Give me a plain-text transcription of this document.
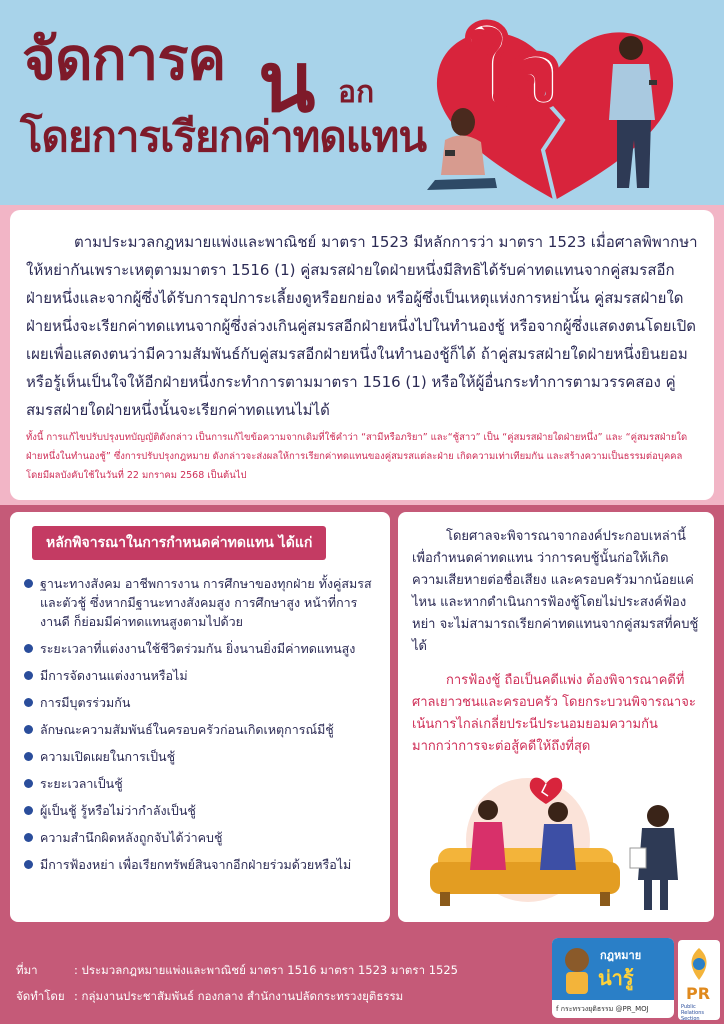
จัดการค น อก
โดยการเรียกค่าทดแทน
ใจ

ตามประมวลกฎหมายแพ่งและพาณิชย์ มาตรา 1523 มีหลักการว่า มาตรา 1523 เมื่อศาลพิพากษาให้หย่ากันเพราะเหตุตามมาตรา 1516 (1) คู่สมรสฝ่ายใดฝ่ายหนึ่งมีสิทธิได้รับค่าทดแทนจากคู่สมรสอีกฝ่ายหนึ่งและจากผู้ซึ่งได้รับการอุปการะเลี้ยงดูหรือยกย่อง หรือผู้ซึ่งเป็นเหตุแห่งการหย่านั้น คู่สมรสฝ่ายใดฝ่ายหนึ่งจะเรียกค่าทดแทนจากผู้ซึ่งล่วงเกินคู่สมรสอีกฝ่ายหนึ่งไปในทำนองชู้ หรือจากผู้ซึ่งแสดงตนโดยเปิดเผยเพื่อแสดงตนว่ามีความสัมพันธ์กับคู่สมรสอีกฝ่ายหนึ่งในทำนองชู้ก็ได้ ถ้าคู่สมรสฝ่ายใดฝ่ายหนึ่งยินยอมหรือรู้เห็นเป็นใจให้อีกฝ่ายหนึ่งกระทำการตามมาตรา 1516 (1) หรือให้ผู้อื่นกระทำการตามวรรคสอง คู่สมรสฝ่ายใดฝ่ายหนึ่งนั้นจะเรียกค่าทดแทนไม่ได้

ทั้งนี้ การแก้ไขปรับปรุงบทบัญญัติดังกล่าว เป็นการแก้ไขข้อความจากเดิมที่ใช้คำว่า “สามีหรือภริยา” และ“ชู้สาว” เป็น “คู่สมรสฝ่ายใดฝ่ายหนึ่ง” และ “คู่สมรสฝ่ายใด ฝ่ายหนึ่งในทำนองชู้” ซึ่งการปรับปรุงกฎหมาย ดังกล่าวจะส่งผลให้การเรียกค่าทดแทนของคู่สมรสแต่ละฝ่าย เกิดความเท่าเทียมกัน และสร้างความเป็นธรรมต่อบุคคล โดยมีผลบังคับใช้ในวันที่ 22 มกราคม 2568 เป็นต้นไป

หลักพิจารณาในการกำหนดค่าทดแทน ได้แก่
ฐานะทางสังคม อาชีพการงาน การศึกษาของทุกฝ่าย ทั้งคู่สมรสและตัวชู้ ซึ่งหากมีฐานะทางสังคมสูง การศึกษาสูง หน้าที่การงานดี ก็ย่อมมีค่าทดแทนสูงตามไปด้วย
ระยะเวลาที่แต่งงานใช้ชีวิตร่วมกัน ยิ่งนานยิ่งมีค่าทดแทนสูง
มีการจัดงานแต่งงานหรือไม่
การมีบุตรร่วมกัน
ลักษณะความสัมพันธ์ในครอบครัวก่อนเกิดเหตุการณ์มีชู้
ความเปิดเผยในการเป็นชู้
ระยะเวลาเป็นชู้
ผู้เป็นชู้ รู้หรือไม่ว่ากำลังเป็นชู้
ความสำนึกผิดหลังถูกจับได้ว่าคบชู้
มีการฟ้องหย่า เพื่อเรียกทรัพย์สินจากอีกฝ่ายร่วมด้วยหรือไม่

โดยศาลจะพิจารณาจากองค์ประกอบเหล่านี้ เพื่อกำหนดค่าทดแทน ว่าการคบชู้นั้นก่อให้เกิดความเสียหายต่อชื่อเสียง และครอบครัวมากน้อยแค่ไหน และหากดำเนินการฟ้องชู้โดยไม่ประสงค์ฟ้องหย่า จะไม่สามารถเรียกค่าทดแทนจากคู่สมรสที่คบชู้ได้

การฟ้องชู้ ถือเป็นคดีแพ่ง ต้องพิจารณาคดีที่ศาลเยาวชนและครอบครัว โดยกระบวนพิจารณาจะเน้นการไกล่เกลี่ยประนีประนอมยอมความกันมากกว่าการจะต่อสู้คดีให้ถึงที่สุด

ที่มา	: ประมวลกฎหมายแพ่งและพาณิชย์ มาตรา 1516 มาตรา 1523 มาตรา 1525
จัดทำโดย : กลุ่มงานประชาสัมพันธ์ กองกลาง สำนักงานปลัดกระทรวงยุติธรรม
กฎหมาย
น่ารู้
f กระทรวงยุติธรรม @PR_MOJ
PR
Public Relations Section
